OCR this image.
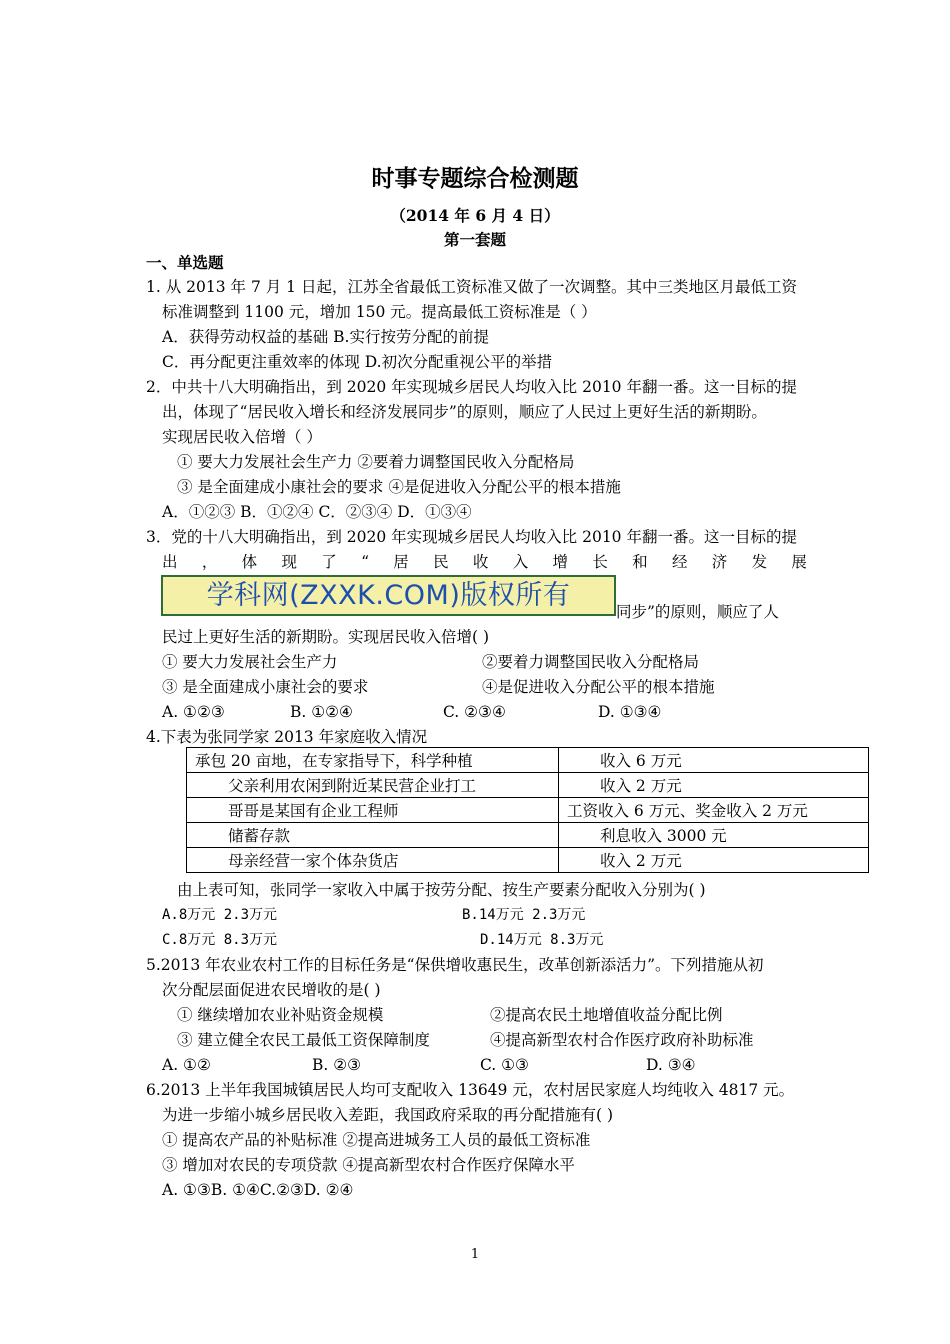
时事专题综合检测题
（2014 年 6 月 4 日）
第一套题
一、单选题
1. 从 2013 年 7 月 1 日起，江苏全省最低工资标准又做了一次调整。其中三类地区月最低工资
标准调整到 1100 元，增加 150 元。提高最低工资标准是（ ）
A．获得劳动权益的基础 B.实行按劳分配的前提
C．再分配更注重效率的体现 D.初次分配重视公平的举措
2．中共十八大明确指出，到 2020 年实现城乡居民人均收入比 2010 年翻一番。这一目标的提
出，体现了“居民收入增长和经济发展同步”的原则，顺应了人民过上更好生活的新期盼。
实现居民收入倍增（ ）
① 要大力发展社会生产力 ②要着力调整国民收入分配格局
③ 是全面建成小康社会的要求 ④是促进收入分配公平的根本措施
A．①②③ B．①②④ C．②③④ D．①③④
3．党的十八大明确指出，到 2020 年实现城乡居民人均收入比 2010 年翻一番。这一目标的提
出 ， 体 现 了 “ 居 民 收 入 增 长 和 经 济 发 展
学科网(ZXXK.COM)版权所有
同步”的原则，顺应了人
民过上更好生活的新期盼。实现居民收入倍增( )
① 要大力发展社会生产力	②要着力调整国民收入分配格局
③ 是全面建成小康社会的要求	④是促进收入分配公平的根本措施
A. ①②③	B. ①②④	C. ②③④	D. ①③④
4.下表为张同学家 2013 年家庭收入情况
承包 20 亩地，在专家指导下，科学种植	收入 6 万元
父亲利用农闲到附近某民营企业打工	收入 2 万元
哥哥是某国有企业工程师	工资收入 6 万元、奖金收入 2 万元
储蓄存款	利息收入 3000 元
母亲经营一家个体杂货店	收入 2 万元
由上表可知，张同学一家收入中属于按劳分配、按生产要素分配收入分别为( )
A.8万元 2.3万元	B.14万元 2.3万元
C.8万元 8.3万元	D.14万元 8.3万元
5.2013 年农业农村工作的目标任务是“保供增收惠民生，改革创新添活力”。下列措施从初
次分配层面促进农民增收的是( )
① 继续增加农业补贴资金规模	②提高农民土地增值收益分配比例
③ 建立健全农民工最低工资保障制度	④提高新型农村合作医疗政府补助标准
A. ①②	B. ②③	C. ①③	D. ③④
6.2013 上半年我国城镇居民人均可支配收入 13649 元，农村居民家庭人均纯收入 4817 元。
为进一步缩小城乡居民收入差距，我国政府采取的再分配措施有( )
① 提高农产品的补贴标准 ②提高进城务工人员的最低工资标准
③ 增加对农民的专项贷款 ④提高新型农村合作医疗保障水平
A. ①③B. ①④C.②③D. ②④
1
